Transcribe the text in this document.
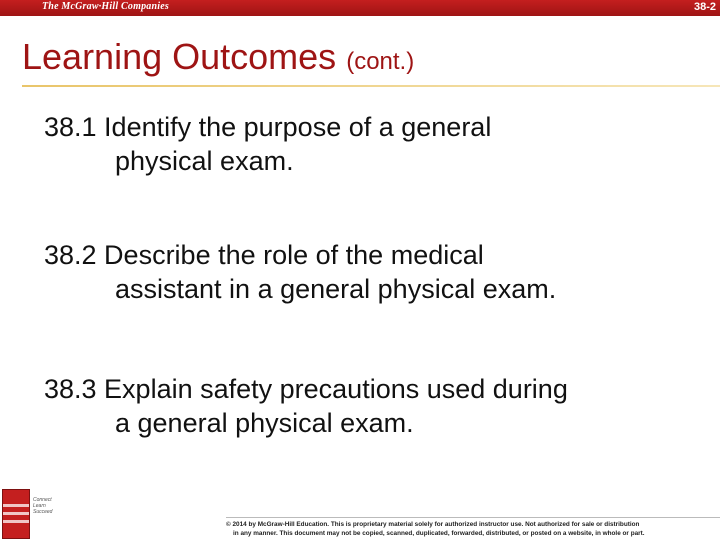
The McGraw·Hill Companies	38-2
Learning Outcomes (cont.)
38.1 Identify the purpose of a general
physical exam.
38.2 Describe the role of the medical
assistant in a general physical exam.
38.3 Explain safety precautions used during
a general physical exam.
Connect Learn Succeed
© 2014 by McGraw-Hill Education. This is proprietary material solely for authorized instructor use. Not authorized for sale or distribution
in any manner. This document may not be copied, scanned, duplicated, forwarded, distributed, or posted on a website, in whole or part.
